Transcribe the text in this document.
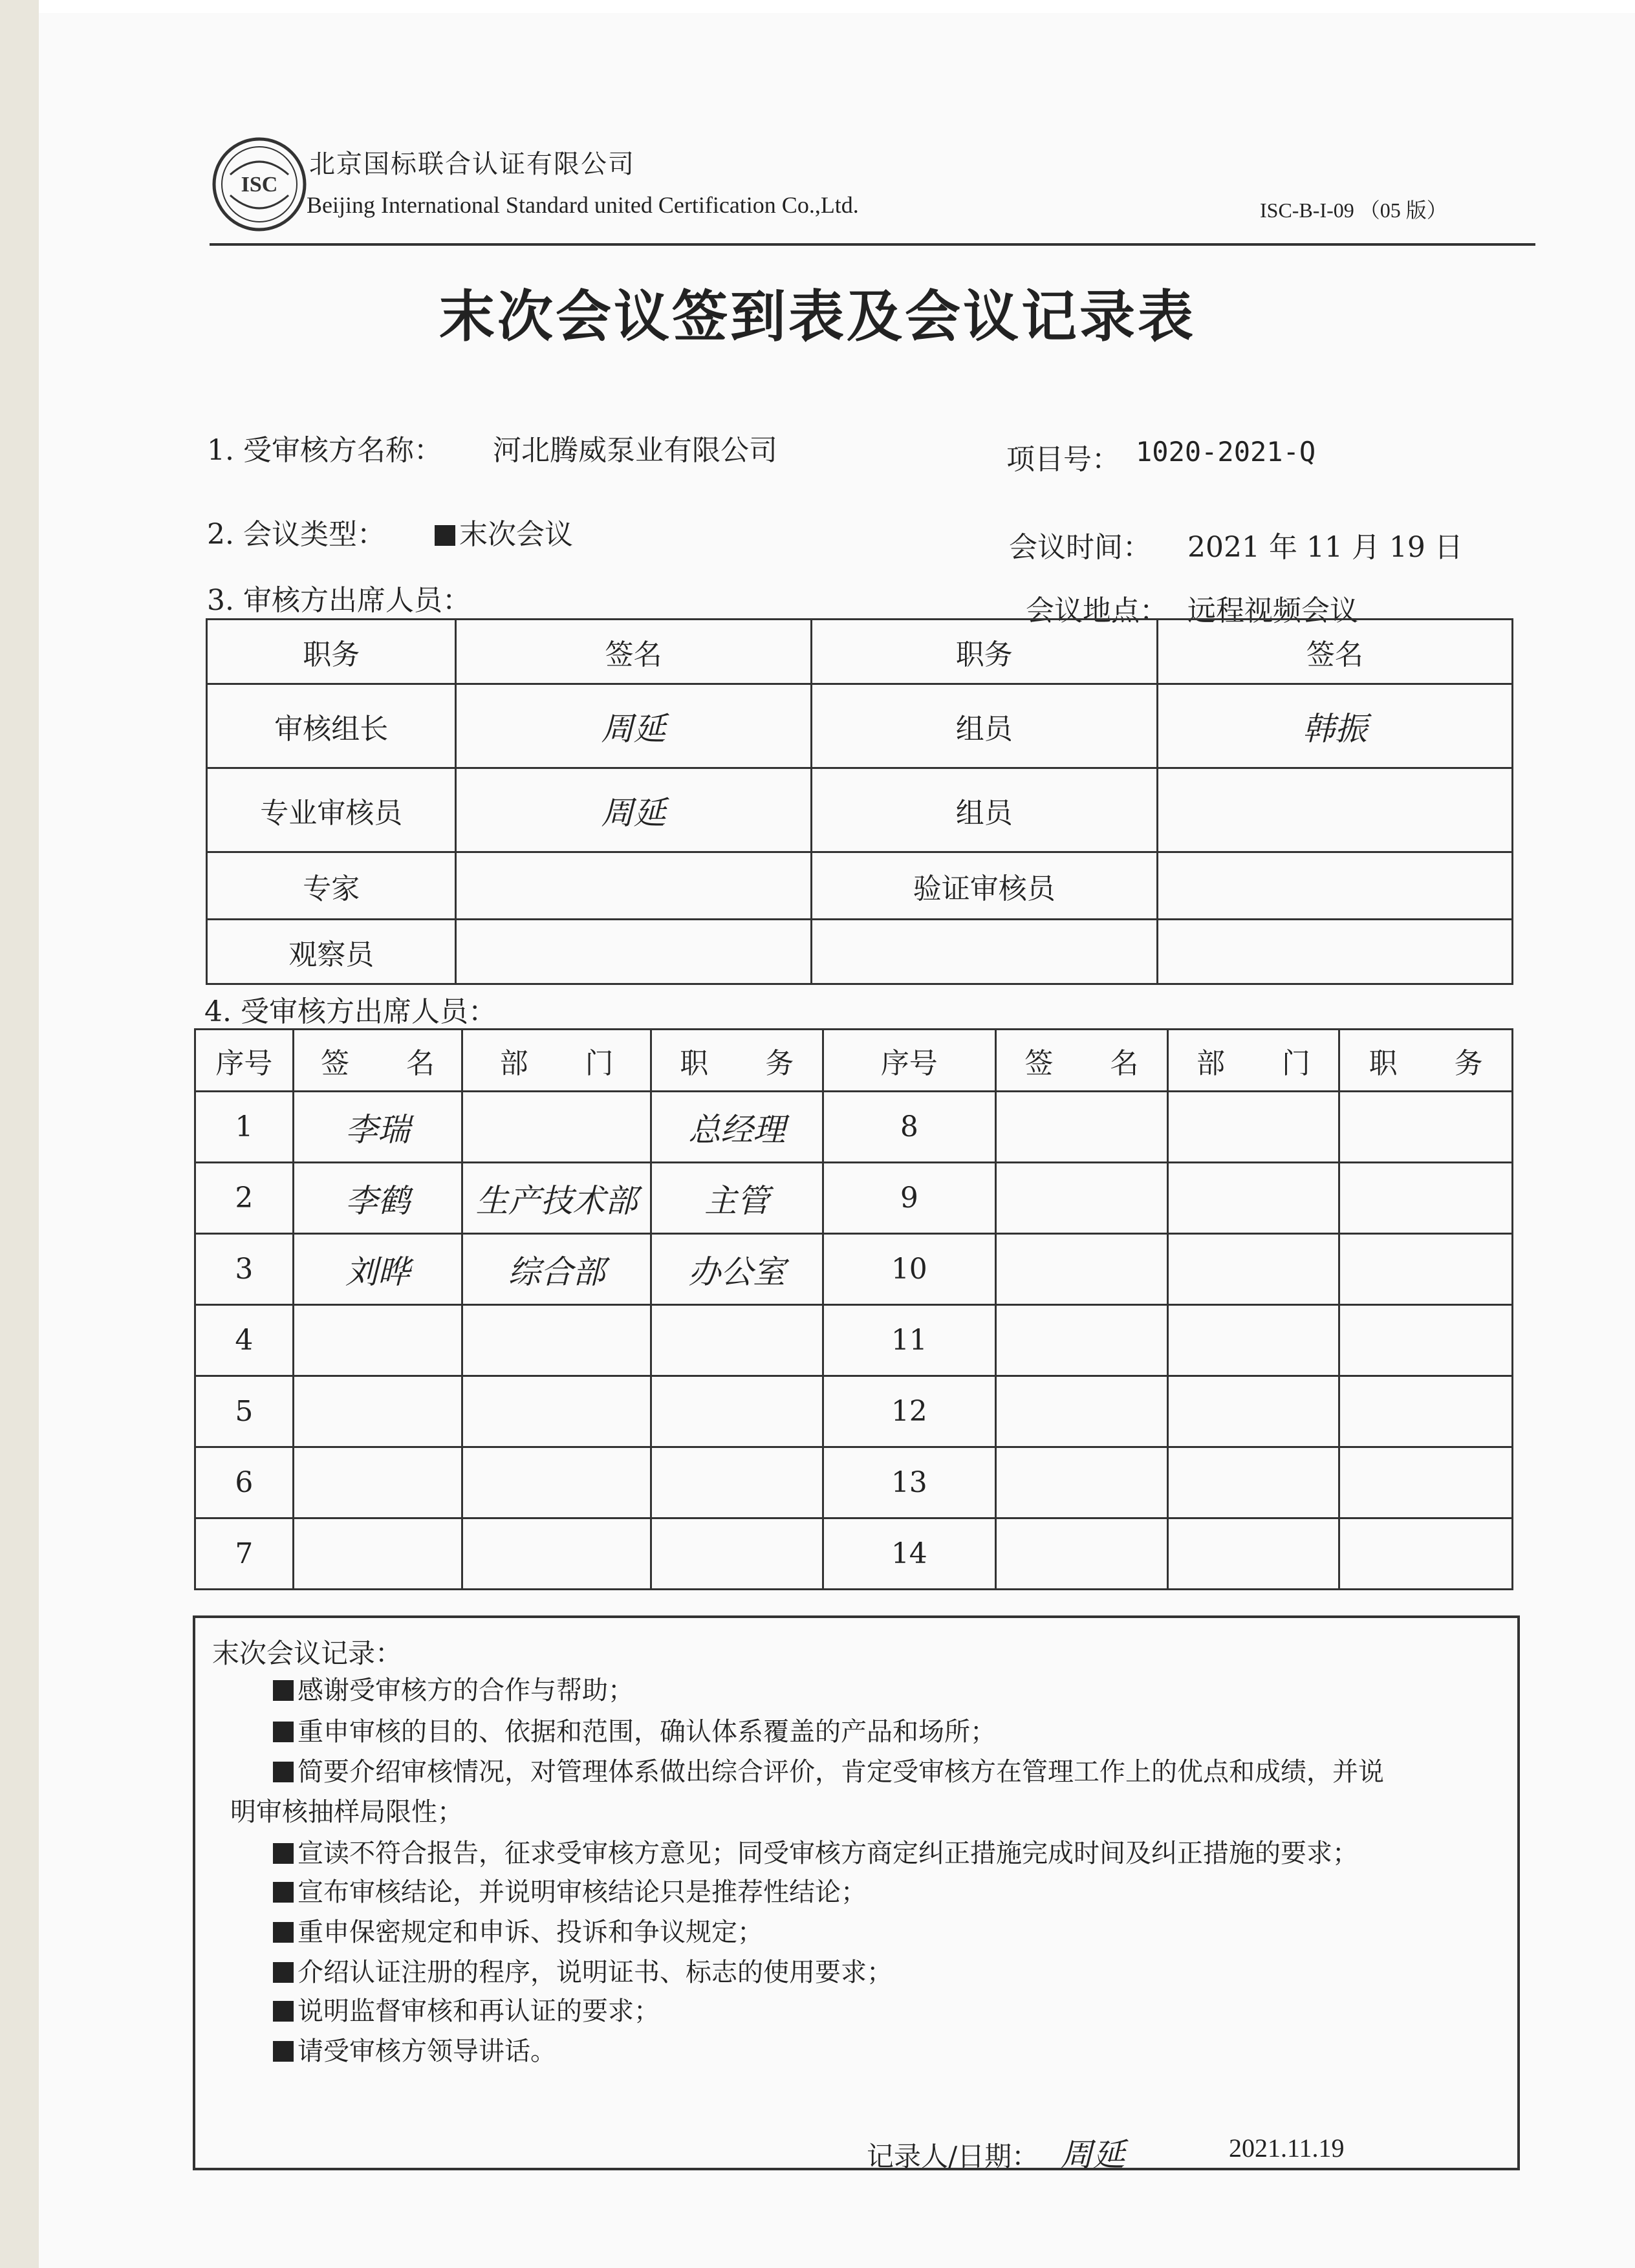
ISC
北京国标联合认证有限公司
Beijing International Standard united Certification Co.,Ltd.	ISC-B-I-09 （05 版）
末次会议签到表及会议记录表
1. 受审核方名称： 河北腾威泵业有限公司	项目号： 1020-2021-Q
2. 会议类型：	末次会议	会议时间： 2021 年 11 月 19 日
3. 审核方出席人员：	会议地点： 远程视频会议
职务	签名	职务	签名
审核组长	周延	组员	韩振
专业审核员	周延	组员	
专家		验证审核员	
观察员			
4. 受审核方出席人员：
序号	签　　名	部　　门	职　　务	序号	签　　名	部　　门	职　　务
1	李瑞		总经理	8			
2	李鹤	生产技术部	主管	9			
3	刘晔	综合部	办公室	10			
4				11			
5				12			
6				13			
7				14			
末次会议记录：
感谢受审核方的合作与帮助；
重申审核的目的、依据和范围，确认体系覆盖的产品和场所；
简要介绍审核情况，对管理体系做出综合评价，肯定受审核方在管理工作上的优点和成绩，并说
明审核抽样局限性；
宣读不符合报告，征求受审核方意见；同受审核方商定纠正措施完成时间及纠正措施的要求；
宣布审核结论，并说明审核结论只是推荐性结论；
重申保密规定和申诉、投诉和争议规定；
介绍认证注册的程序，说明证书、标志的使用要求；
说明监督审核和再认证的要求；
请受审核方领导讲话。
记录人/日期： 周延	2021.11.19
